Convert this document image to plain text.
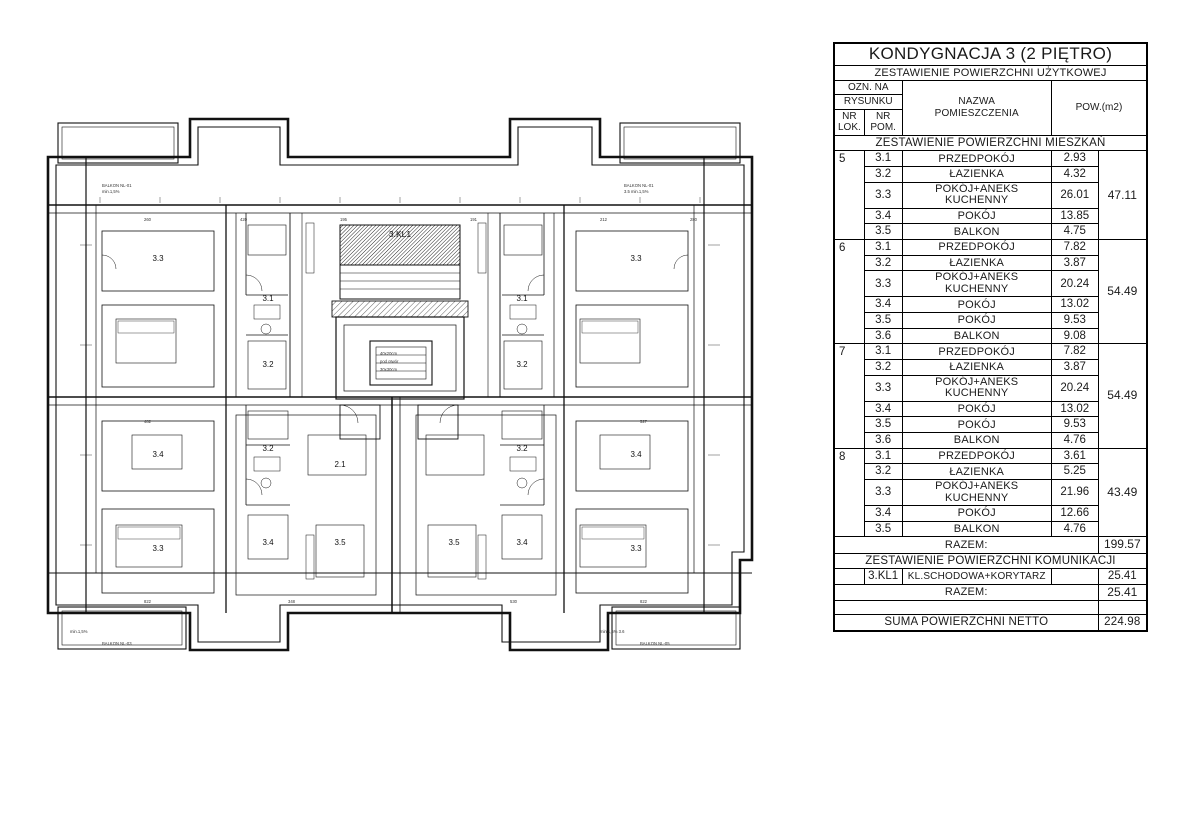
3.3
3.4
3.3
3.3
3.4
3.3
3.1
3.2
3.1
3.2
3.2
3.4
3.2
3.4
3.5	3.5
2.1
3.KL1
BALKON NL-01
min.1,5%
BALKON NL-01
3.5 min.1,5%
min.1,5%
BALKON NL-03
min.1,5% 3.6
BALKON NL-05
260	420	195	191	212	280
482	527
822	822
348	530
40x20cm
pod otwór
30x30cm
KONDYGNACJA 3 (2 PIĘTRO)				
ZESTAWIENIE POWIERZCHNI UŻYTKOWEJ				
OZN. NA		NAZWA
POMIESZCZENIA	POW.(m2)	
RYSUNKU				
NR
LOK.	NR
POM.			
ZESTAWIENIE POWIERZCHNI MIESZKAŃ				
5	3.1	PRZEDPOKÓJ	2.93	47.11
	3.2	ŁAZIENKA	4.32	
	3.3	POKÓJ+ANEKS KUCHENNY	26.01	
	3.4	POKÓJ	13.85	
	3.5	BALKON	4.75	
6	3.1	PRZEDPOKÓJ	7.82	54.49
	3.2	ŁAZIENKA	3.87	
	3.3	POKÓJ+ANEKS KUCHENNY	20.24	
	3.4	POKÓJ	13.02	
	3.5	POKÓJ	9.53	
	3.6	BALKON	9.08	
7	3.1	PRZEDPOKÓJ	7.82	54.49
	3.2	ŁAZIENKA	3.87	
	3.3	POKÓJ+ANEKS KUCHENNY	20.24	
	3.4	POKÓJ	13.02	
	3.5	POKÓJ	9.53	
	3.6	BALKON	4.76	
8	3.1	PRZEDPOKÓJ	3.61	43.49
	3.2	ŁAZIENKA	5.25	
	3.3	POKÓJ+ANEKS KUCHENNY	21.96	
	3.4	POKÓJ	12.66	
	3.5	BALKON	4.76	
RAZEM:				199.57
ZESTAWIENIE POWIERZCHNI KOMUNIKACJI				
	3.KL1	KL.SCHODOWA+KORYTARZ		25.41
RAZEM:				25.41

SUMA POWIERZCHNI NETTO				224.98
